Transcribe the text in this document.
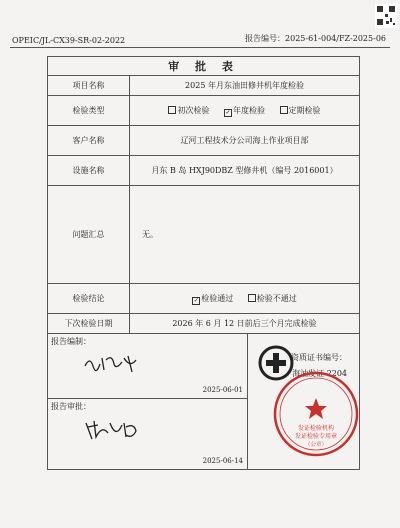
OPEIC/JL-CX39-SR-02-2022	报告编号：2025-61-004/FZ-2025-06
审 批 表		
项目名称	2025 年月东油田修井机年度检验	
检验类型	初次检验 ✓ 年度检验 定期检验	
客户名称	辽河工程技术分公司海上作业项目部	
设施名称	月东 B 岛 HXJ90DBZ 型修井机（编号 2016001）	
问题汇总	无。	
检验结论	✓ 检验通过 检验不通过	
下次检验日期	2026 年 6 月 12 日前后三个月完成检验	

报告编制：
2025-06-01		资质证书编号：
海油发证 2204
发证检验机构
发证检验专用章
（公章）

报告审批：
2025-06-14		
